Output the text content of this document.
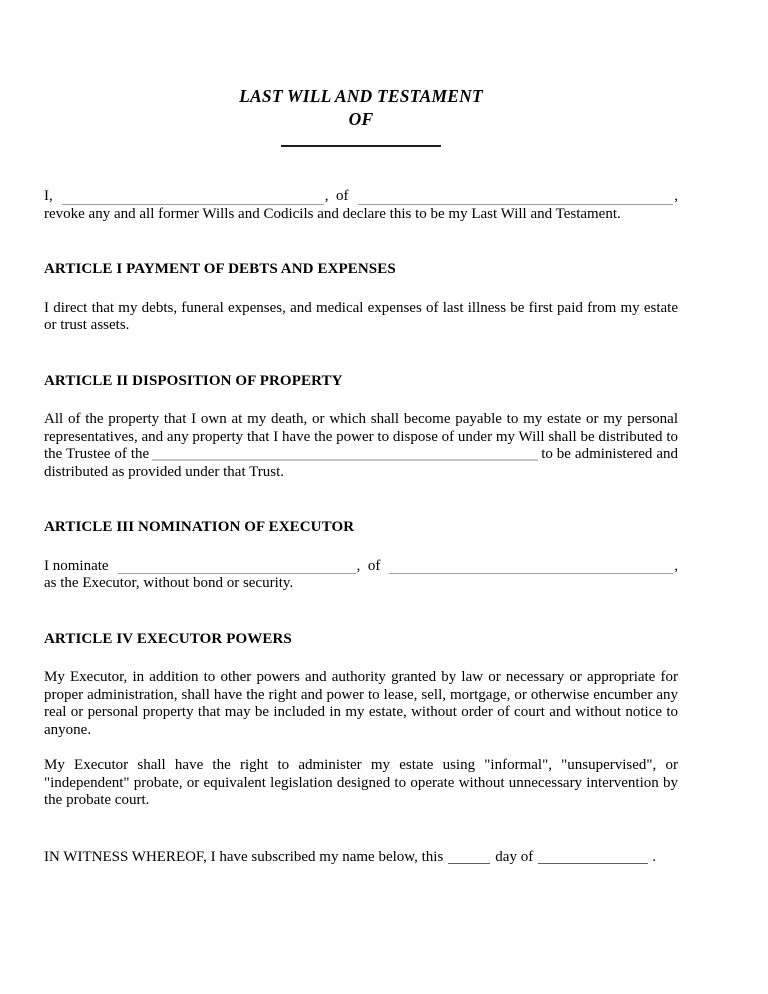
LAST WILL AND TESTAMENT
OF
I,	,  of	,

revoke any and all former Wills and Codicils and declare this to be my Last Will and Testament.

ARTICLE I PAYMENT OF DEBTS AND EXPENSES

I direct that my debts, funeral expenses, and medical expenses of last illness be first paid from my estate or trust assets.

ARTICLE II DISPOSITION OF PROPERTY

All of the property that I own at my death, or which shall become payable to my estate or my personal representatives, and any property that I have the power to dispose of under my Will shall be distributed to the Trustee of the	to be administered and distributed as provided under that Trust.

ARTICLE III NOMINATION OF EXECUTOR
I nominate	,  of	,

as the Executor, without bond or security.

ARTICLE IV EXECUTOR POWERS

My Executor, in addition to other powers and authority granted by law or necessary or appropriate for proper administration, shall have the right and power to lease, sell, mortgage, or otherwise encumber any real or personal property that may be included in my estate, without order of court and without notice to anyone.

My Executor shall have the right to administer my estate using "informal", "unsupervised", or "independent" probate, or equivalent legislation designed to operate without unnecessary intervention by the probate court.

IN WITNESS WHEREOF, I have subscribed my name below, this	day of	.
